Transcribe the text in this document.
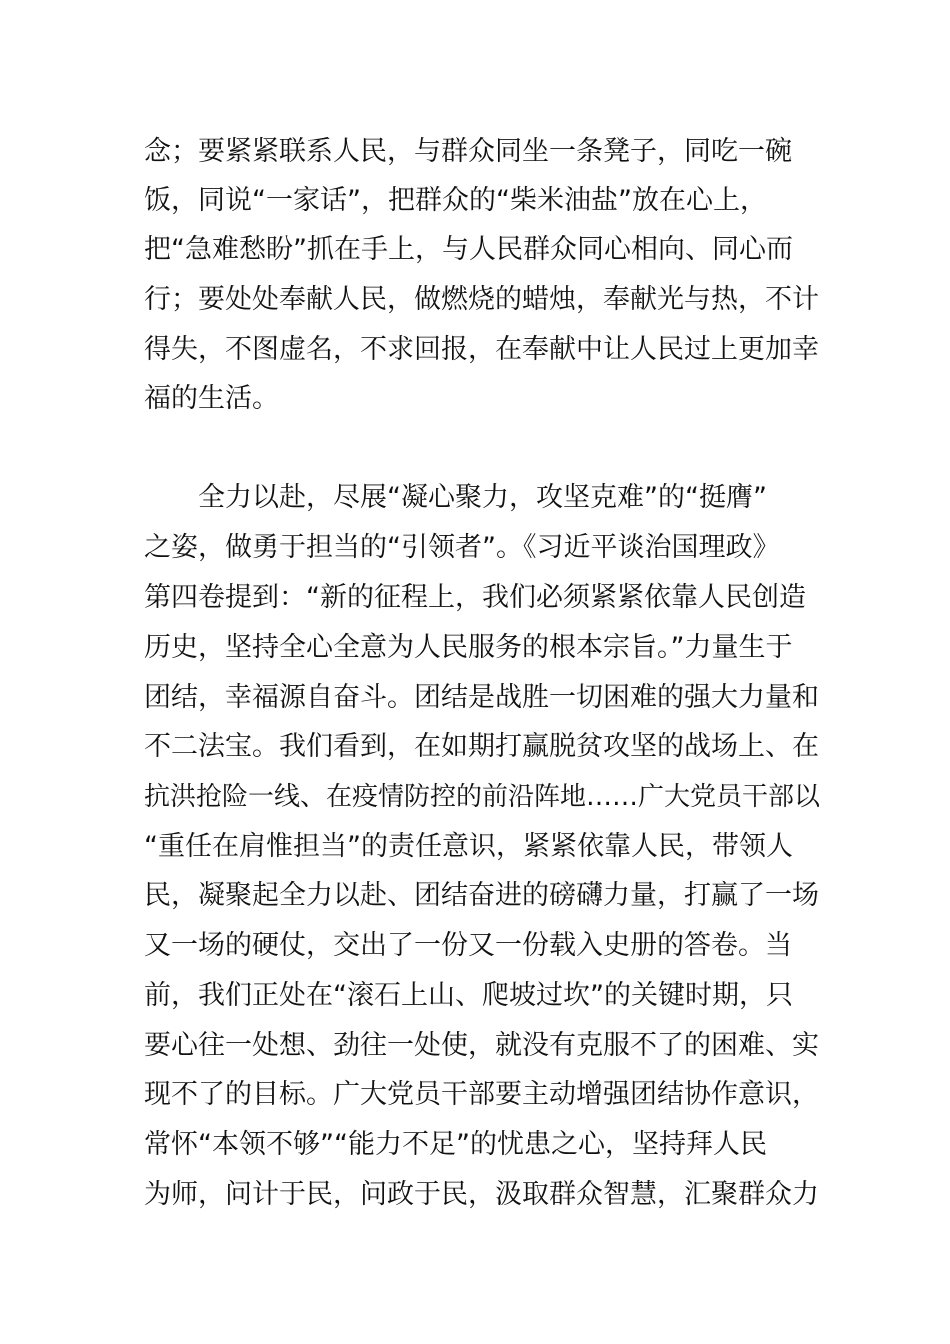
念；要紧紧联系人民，与群众同坐一条凳子，同吃一碗
饭，同说“一家话”，把群众的“柴米油盐”放在心上，
把“急难愁盼”抓在手上，与人民群众同心相向、同心而
行；要处处奉献人民，做燃烧的蜡烛，奉献光与热，不计
得失，不图虚名，不求回报，在奉献中让人民过上更加幸
福的生活。
全力以赴，尽展“凝心聚力，攻坚克难”的“挺膺”
之姿，做勇于担当的“引领者”。《习近平谈治国理政》
第四卷提到：“新的征程上，我们必须紧紧依靠人民创造
历史，坚持全心全意为人民服务的根本宗旨。”力量生于
团结，幸福源自奋斗。团结是战胜一切困难的强大力量和
不二法宝。我们看到，在如期打赢脱贫攻坚的战场上、在
抗洪抢险一线、在疫情防控的前沿阵地……广大党员干部以
“重任在肩惟担当”的责任意识，紧紧依靠人民，带领人
民，凝聚起全力以赴、团结奋进的磅礴力量，打赢了一场
又一场的硬仗，交出了一份又一份载入史册的答卷。当
前，我们正处在“滚石上山、爬坡过坎”的关键时期，只
要心往一处想、劲往一处使，就没有克服不了的困难、实
现不了的目标。广大党员干部要主动增强团结协作意识，
常怀“本领不够”“能力不足”的忧患之心，坚持拜人民
为师，问计于民，问政于民，汲取群众智慧，汇聚群众力
